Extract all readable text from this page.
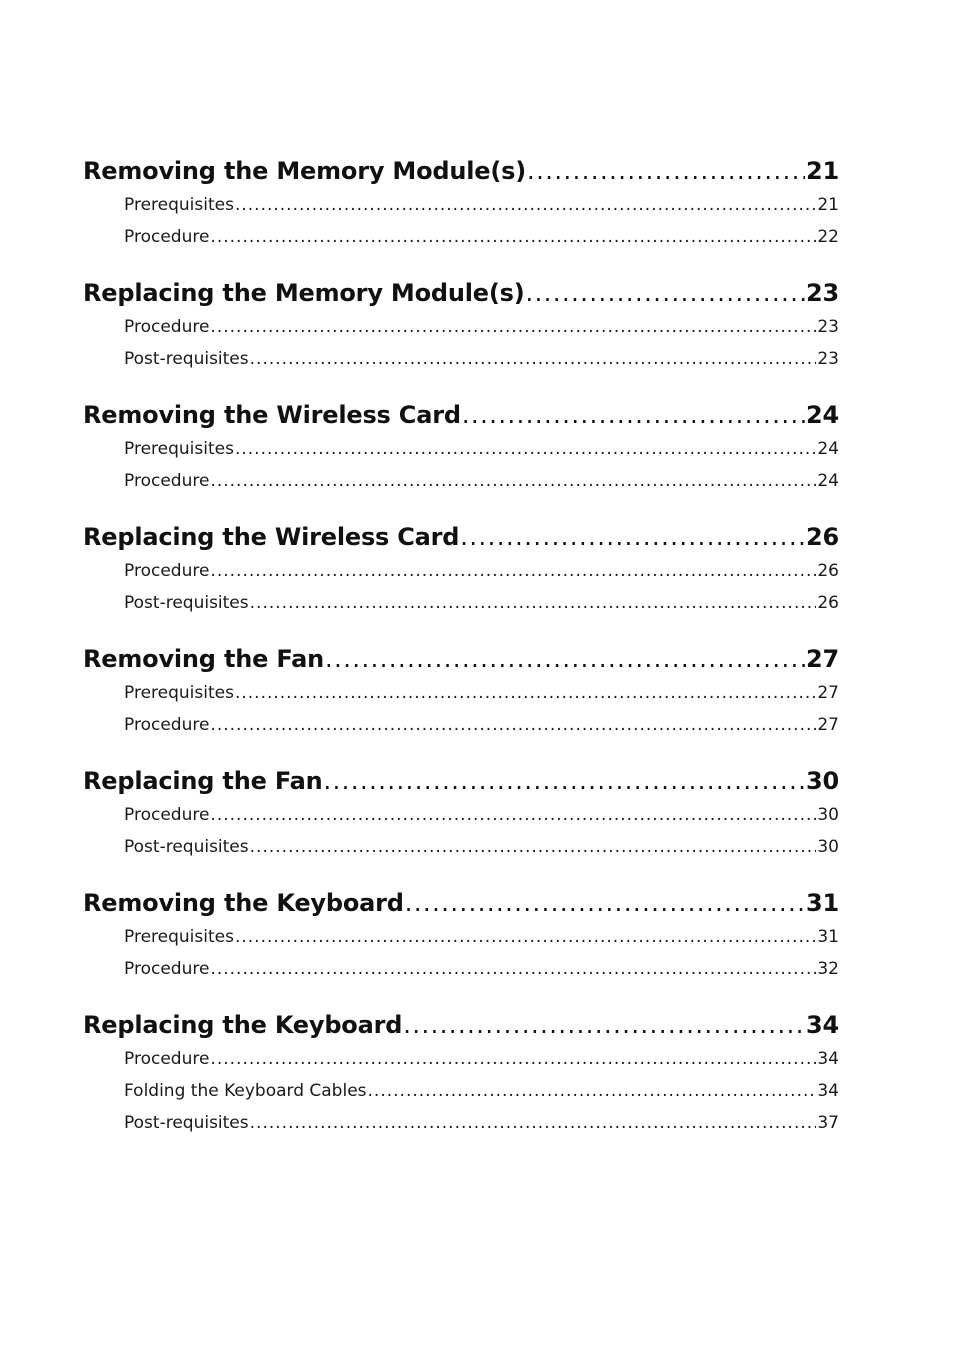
Removing the Memory Module(s) .....	21
Prerequisites .....	21
Procedure .....	22
Replacing the Memory Module(s) .....	23
Procedure .....	23
Post-requisites .....	23
Removing the Wireless Card .....	24
Prerequisites .....	24
Procedure .....	24
Replacing the Wireless Card .....	26
Procedure .....	26
Post-requisites .....	26
Removing the Fan .....	27
Prerequisites .....	27
Procedure .....	27
Replacing the Fan .....	30
Procedure .....	30
Post-requisites .....	30
Removing the Keyboard .....	31
Prerequisites .....	31
Procedure .....	32
Replacing the Keyboard .....	34
Procedure .....	34
Folding the Keyboard Cables .....	34
Post-requisites .....	37
